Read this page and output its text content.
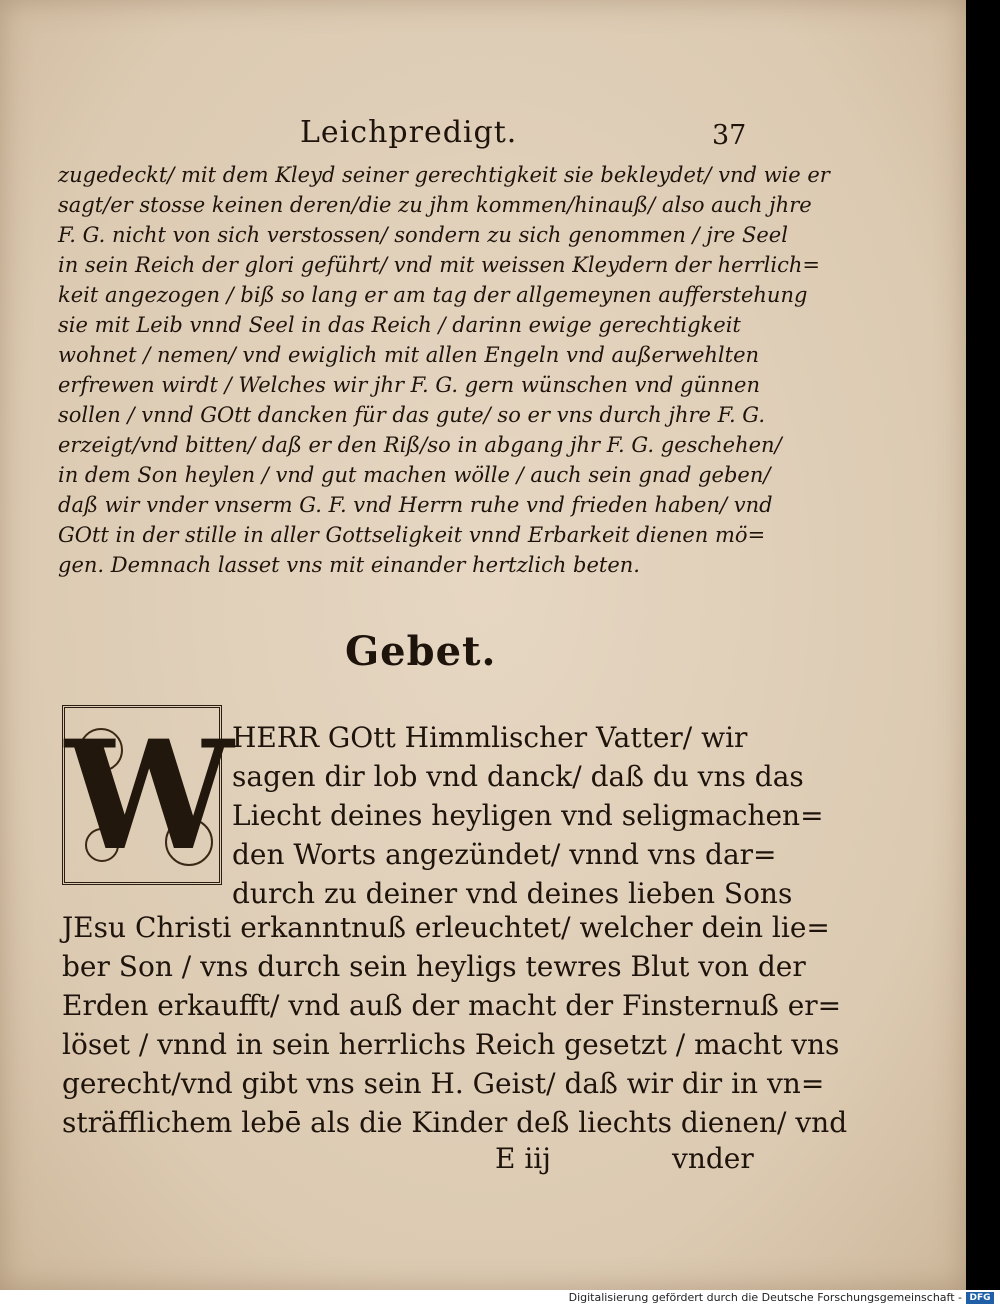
Leichpredigt.	37
zugedeckt/ mit dem Kleyd seiner gerechtigkeit sie bekleydet/ vnd wie er
sagt/er stosse keinen deren/die zu jhm kommen/hinauß/ also auch jhre
F. G. nicht von sich verstossen/ sondern zu sich genommen / jre Seel
in sein Reich der glori geführt/ vnd mit weissen Kleydern der herrlich=
keit angezogen / biß so lang er am tag der allgemeynen aufferstehung
sie mit Leib vnnd Seel in das Reich / darinn ewige gerechtigkeit
wohnet / nemen/ vnd ewiglich mit allen Engeln vnd außerwehlten
erfrewen wirdt / Welches wir jhr F. G. gern wünschen vnd günnen
sollen / vnnd GOtt dancken für das gute/ so er vns durch jhre F. G.
erzeigt/vnd bitten/ daß er den Riß/so in abgang jhr F. G. geschehen/
in dem Son heylen / vnd gut machen wölle / auch sein gnad geben/
daß wir vnder vnserm G. F. vnd Herrn ruhe vnd frieden haben/ vnd
GOtt in der stille in aller Gottseligkeit vnnd Erbarkeit dienen mö=
gen. Demnach lasset vns mit einander hertzlich beten.
Gebet.
W
HERR GOtt Himmlischer Vatter/ wir
sagen dir lob vnd danck/ daß du vns das
Liecht deines heyligen vnd seligmachen=
den Worts angezündet/ vnnd vns dar=
durch zu deiner vnd deines lieben Sons
JEsu Christi erkanntnuß erleuchtet/ welcher dein lie=
ber Son / vns durch sein heyligs tewres Blut von der
Erden erkaufft/ vnd auß der macht der Finsternuß er=
löset / vnnd in sein herrlichs Reich gesetzt / macht vns
gerecht/vnd gibt vns sein H. Geist/ daß wir dir in vn=
sträfflichem lebē als die Kinder deß liechts dienen/ vnd
E iij	vnder
Digitalisierung gefördert durch die Deutsche Forschungsgemeinschaft - DFG
